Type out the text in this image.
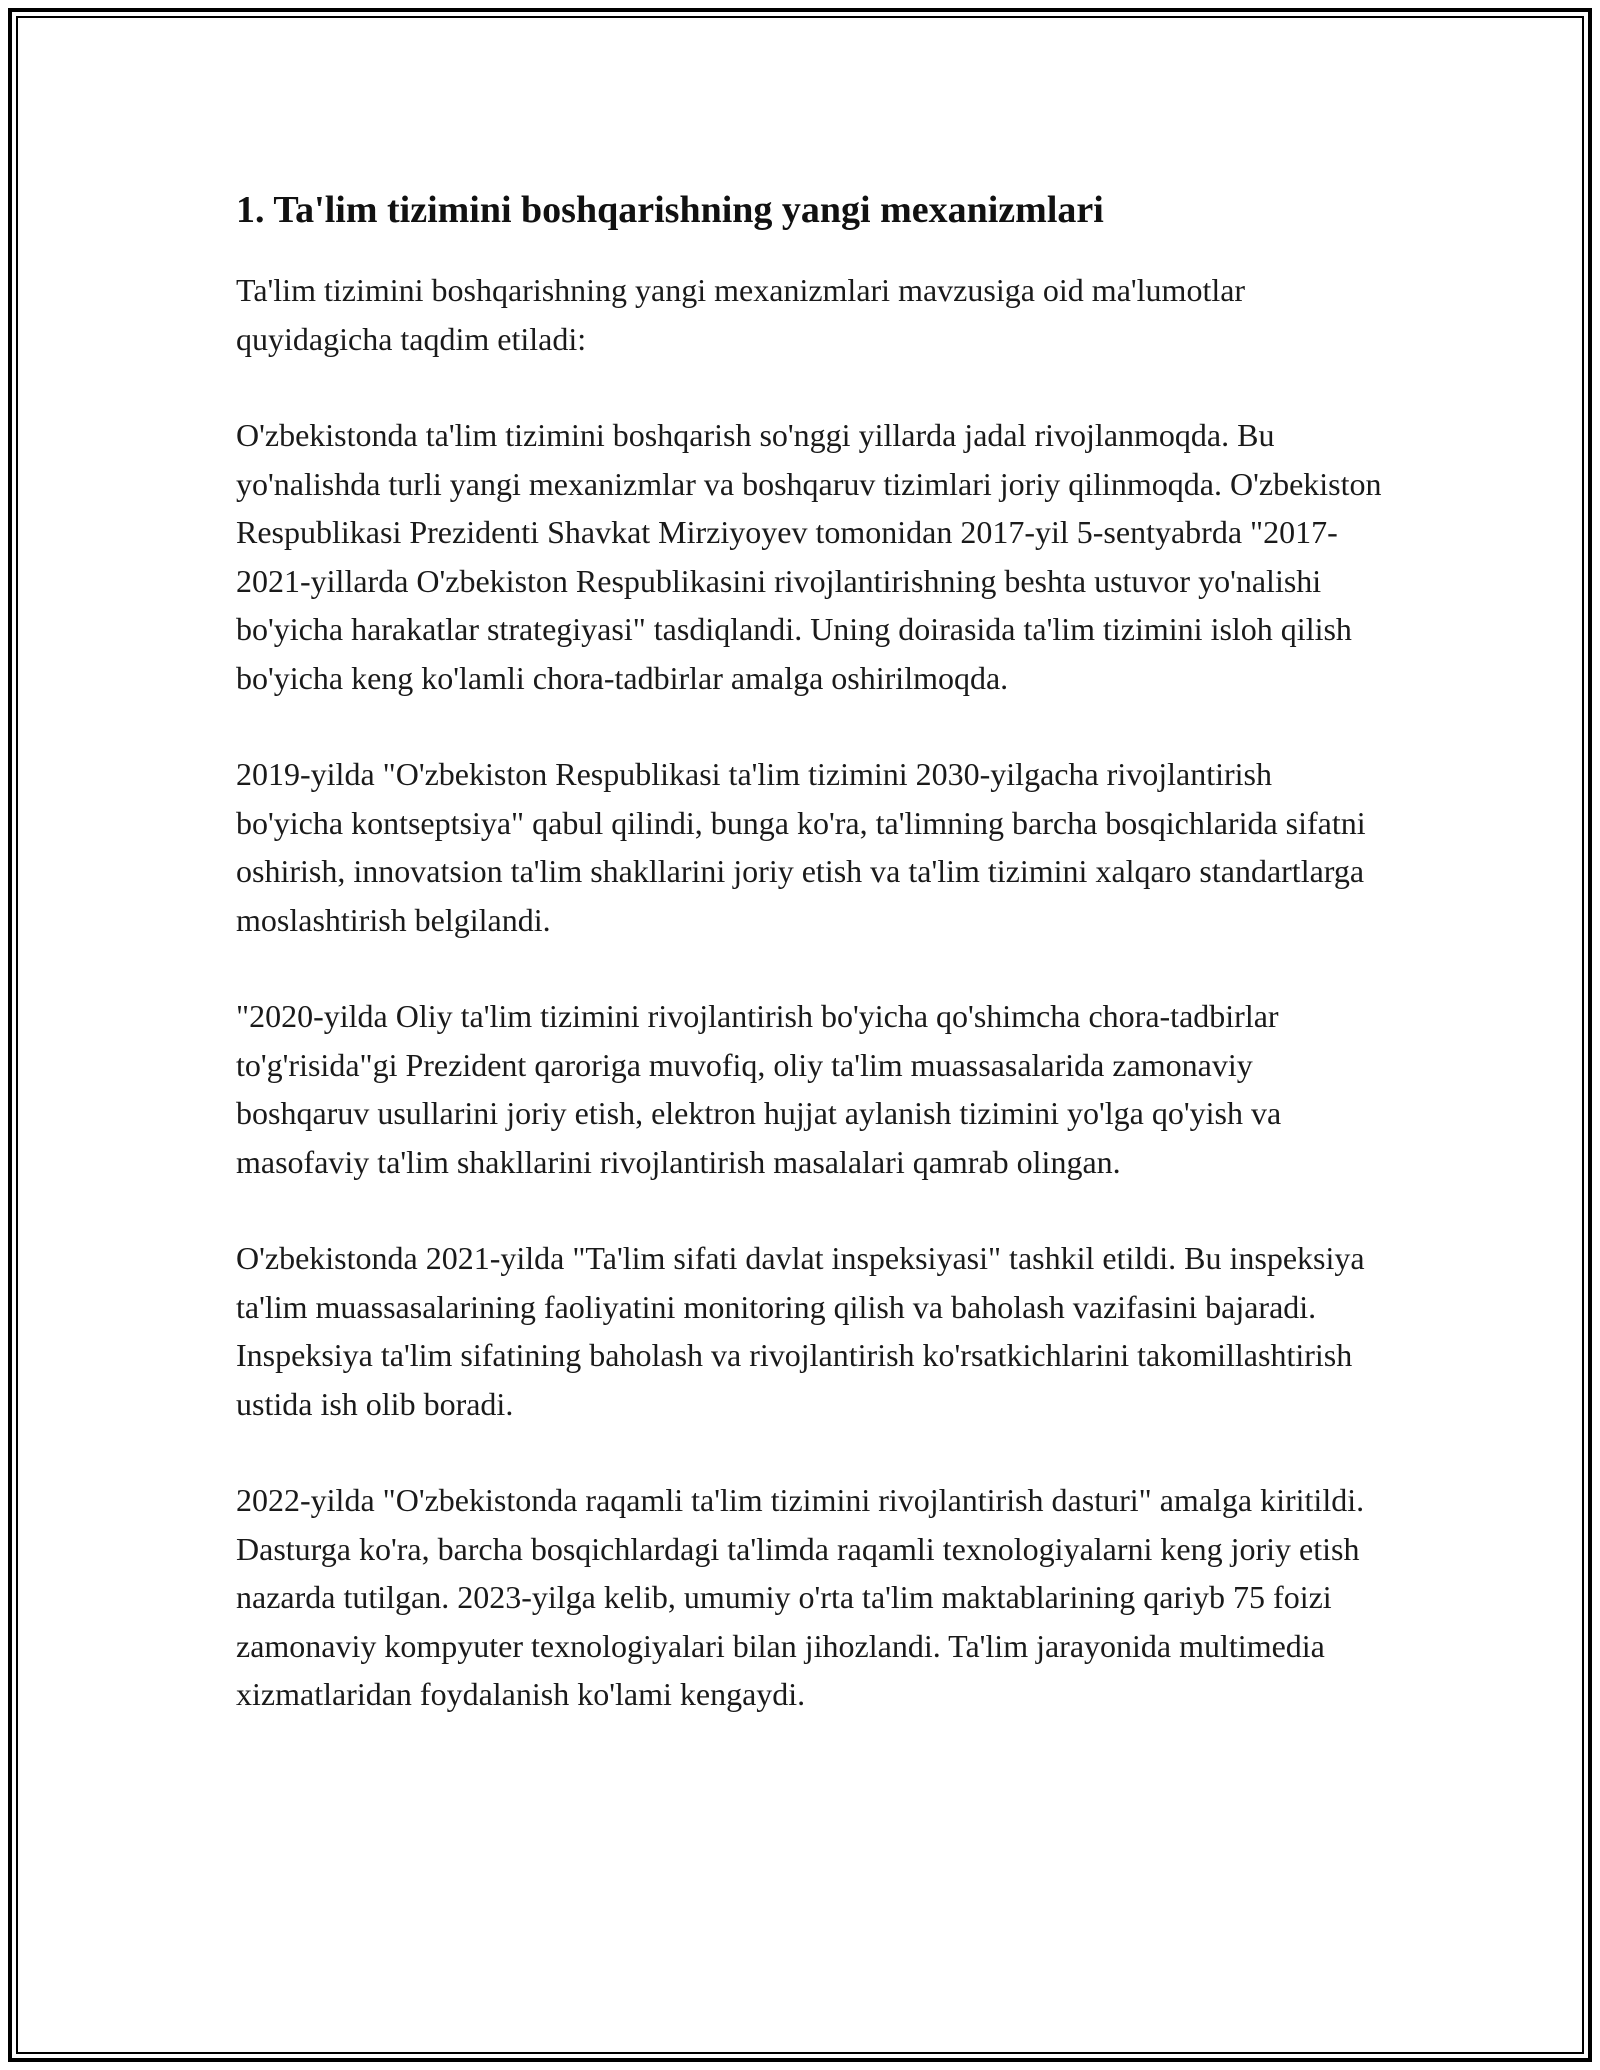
1. Ta'lim tizimini boshqarishning yangi mexanizmlari

Ta'lim tizimini boshqarishning yangi mexanizmlari mavzusiga oid ma'lumotlar quyidagicha taqdim etiladi:

O'zbekistonda ta'lim tizimini boshqarish so'nggi yillarda jadal rivojlanmoqda. Bu yo'nalishda turli yangi mexanizmlar va boshqaruv tizimlari joriy qilinmoqda. O'zbekiston Respublikasi Prezidenti Shavkat Mirziyoyev tomonidan 2017-yil 5-sentyabrda "2017-2021-yillarda O'zbekiston Respublikasini rivojlantirishning beshta ustuvor yo'nalishi bo'yicha harakatlar strategiyasi" tasdiqlandi. Uning doirasida ta'lim tizimini isloh qilish bo'yicha keng ko'lamli chora-tadbirlar amalga oshirilmoqda.

2019-yilda "O'zbekiston Respublikasi ta'lim tizimini 2030-yilgacha rivojlantirish bo'yicha kontseptsiya" qabul qilindi, bunga ko'ra, ta'limning barcha bosqichlarida sifatni oshirish, innovatsion ta'lim shakllarini joriy etish va ta'lim tizimini xalqaro standartlarga moslashtirish belgilandi.

"2020-yilda Oliy ta'lim tizimini rivojlantirish bo'yicha qo'shimcha chora-tadbirlar to'g'risida"gi Prezident qaroriga muvofiq, oliy ta'lim muassasalarida zamonaviy boshqaruv usullarini joriy etish, elektron hujjat aylanish tizimini yo'lga qo'yish va masofaviy ta'lim shakllarini rivojlantirish masalalari qamrab olingan.

O'zbekistonda 2021-yilda "Ta'lim sifati davlat inspeksiyasi" tashkil etildi. Bu inspeksiya ta'lim muassasalarining faoliyatini monitoring qilish va baholash vazifasini bajaradi. Inspeksiya ta'lim sifatining baholash va rivojlantirish ko'rsatkichlarini takomillashtirish ustida ish olib boradi.

2022-yilda "O'zbekistonda raqamli ta'lim tizimini rivojlantirish dasturi" amalga kiritildi. Dasturga ko'ra, barcha bosqichlardagi ta'limda raqamli texnologiyalarni keng joriy etish nazarda tutilgan. 2023-yilga kelib, umumiy o'rta ta'lim maktablarining qariyb 75 foizi zamonaviy kompyuter texnologiyalari bilan jihozlandi. Ta'lim jarayonida multimedia xizmatlaridan foydalanish ko'lami kengaydi.
